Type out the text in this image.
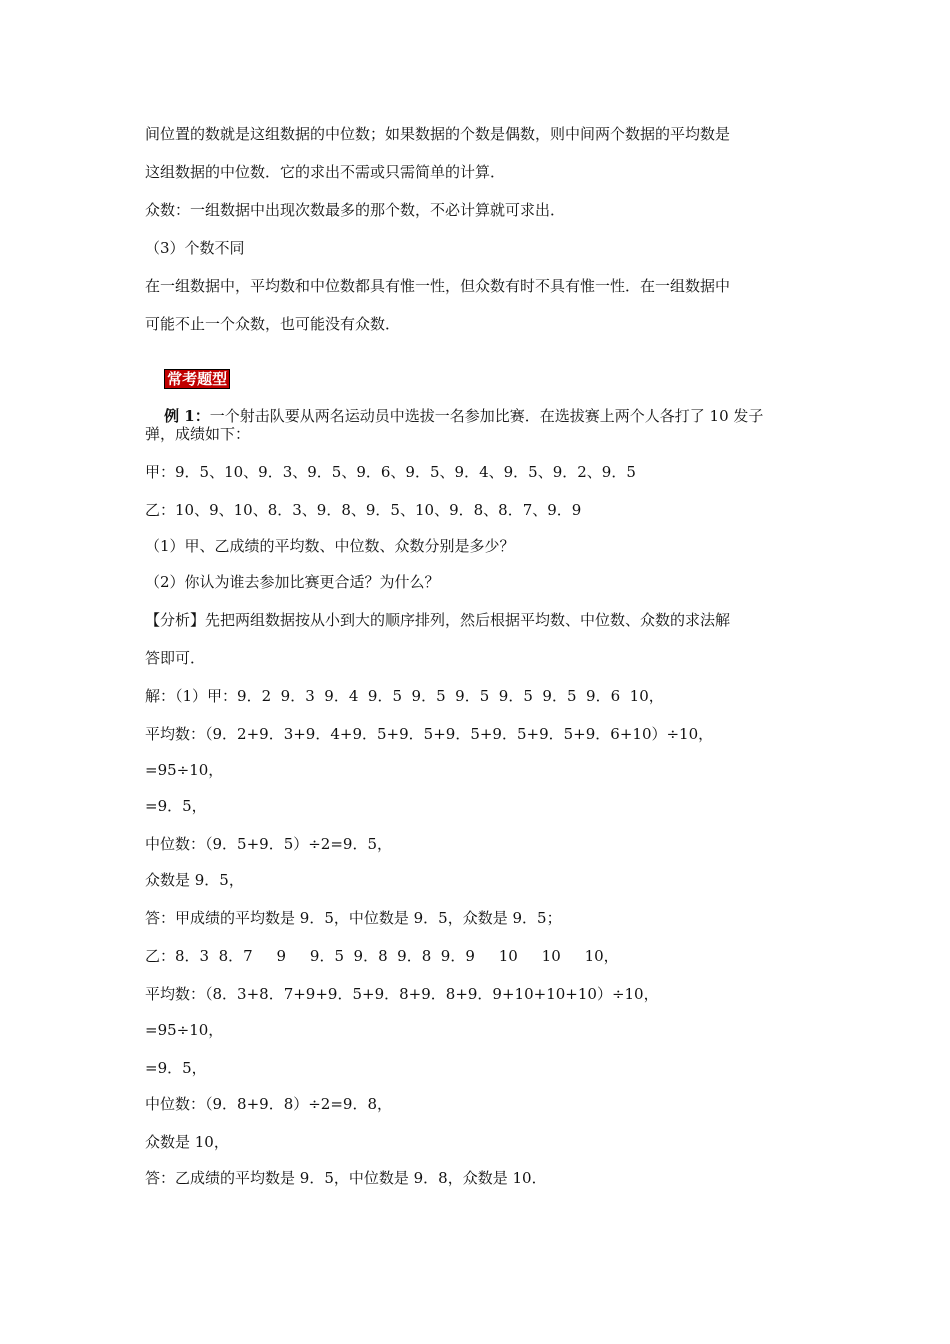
间位置的数就是这组数据的中位数；如果数据的个数是偶数，则中间两个数据的平均数是

这组数据的中位数．它的求出不需或只需简单的计算．

众数：一组数据中出现次数最多的那个数，不必计算就可求出．

（3）个数不同

在一组数据中，平均数和中位数都具有惟一性，但众数有时不具有惟一性．在一组数据中

可能不止一个众数，也可能没有众数．

常考题型

例 1：一个射击队要从两名运动员中选拔一名参加比赛．在选拔赛上两个人各打了 10 发子

弹，成绩如下：

甲：9．5、10、9．3、9．5、9．6、9．5、9．4、9．5、9．2、9．5

乙：10、9、10、8．3、9．8、9．5、10、9．8、8．7、9．9

（1）甲、乙成绩的平均数、中位数、众数分别是多少？

（2）你认为谁去参加比赛更合适？为什么？

【分析】先把两组数据按从小到大的顺序排列，然后根据平均数、中位数、众数的求法解

答即可．

解：（1）甲：9．2  9．3  9．4  9．5  9．5  9．5  9．5  9．5  9．6  10，

平均数：（9．2+9．3+9．4+9．5+9．5+9．5+9．5+9．5+9．6+10）÷10，

=95÷10，

=9．5，

中位数：（9．5+9．5）÷2=9．5，

众数是 9．5，

答：甲成绩的平均数是 9．5，中位数是 9．5，众数是 9．5；

乙：8．3  8．7     9     9．5  9．8  9．8  9．9     10     10     10，

平均数：（8．3+8．7+9+9．5+9．8+9．8+9．9+10+10+10）÷10，

=95÷10，

=9．5，

中位数：（9．8+9．8）÷2=9．8，

众数是 10，

答：乙成绩的平均数是 9．5，中位数是 9．8，众数是 10．
